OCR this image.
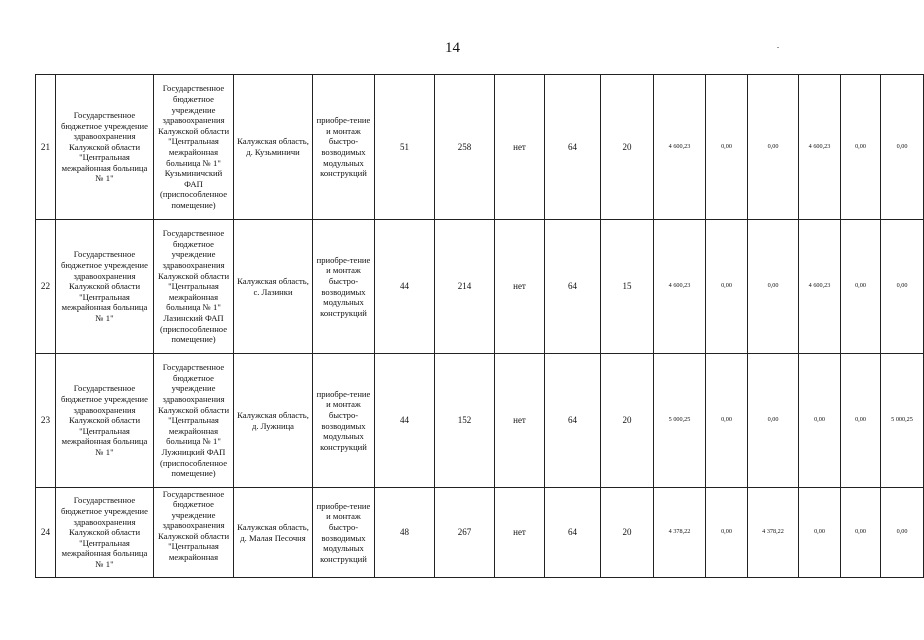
14
21	Государственное бюджетное учреждение здравоохранения Калужской области "Центральная межрайонная больница № 1"	Государственное бюджетное учреждение здравоохранения Калужской области "Центральная межрайонная больница № 1" Кузьминичский ФАП (приспособленное помещение)	Калужская область, д. Кузьминичи	приобре-тение и монтаж быстро-возводимых модульных конструкций	51	258	нет	64	20	4 600,23	0,00	0,00	4 600,23	0,00	0,00
22	Государственное бюджетное учреждение здравоохранения Калужской области "Центральная межрайонная больница № 1"	Государственное бюджетное учреждение здравоохранения Калужской области "Центральная межрайонная больница № 1" Лазинский ФАП (приспособленное помещение)	Калужская область, с. Лазинки	приобре-тение и монтаж быстро-возводимых модульных конструкций	44	214	нет	64	15	4 600,23	0,00	0,00	4 600,23	0,00	0,00
23	Государственное бюджетное учреждение здравоохранения Калужской области "Центральная межрайонная больница № 1"	Государственное бюджетное учреждение здравоохранения Калужской области "Центральная межрайонная больница № 1" Лужницкий ФАП (приспособленное помещение)	Калужская область, д. Лужница	приобре-тение и монтаж быстро-возводимых модульных конструкций	44	152	нет	64	20	5 000,25	0,00	0,00	0,00	0,00	5 000,25
24	Государственное бюджетное учреждение здравоохранения Калужской области "Центральная межрайонная больница № 1"	Государственное бюджетное учреждение здравоохранения Калужской области "Центральная межрайонная	Калужская область, д. Малая Песочня	приобре-тение и монтаж быстро-возводимых модульных конструкций	48	267	нет	64	20	4 378,22	0,00	4 378,22	0,00	0,00	0,00
